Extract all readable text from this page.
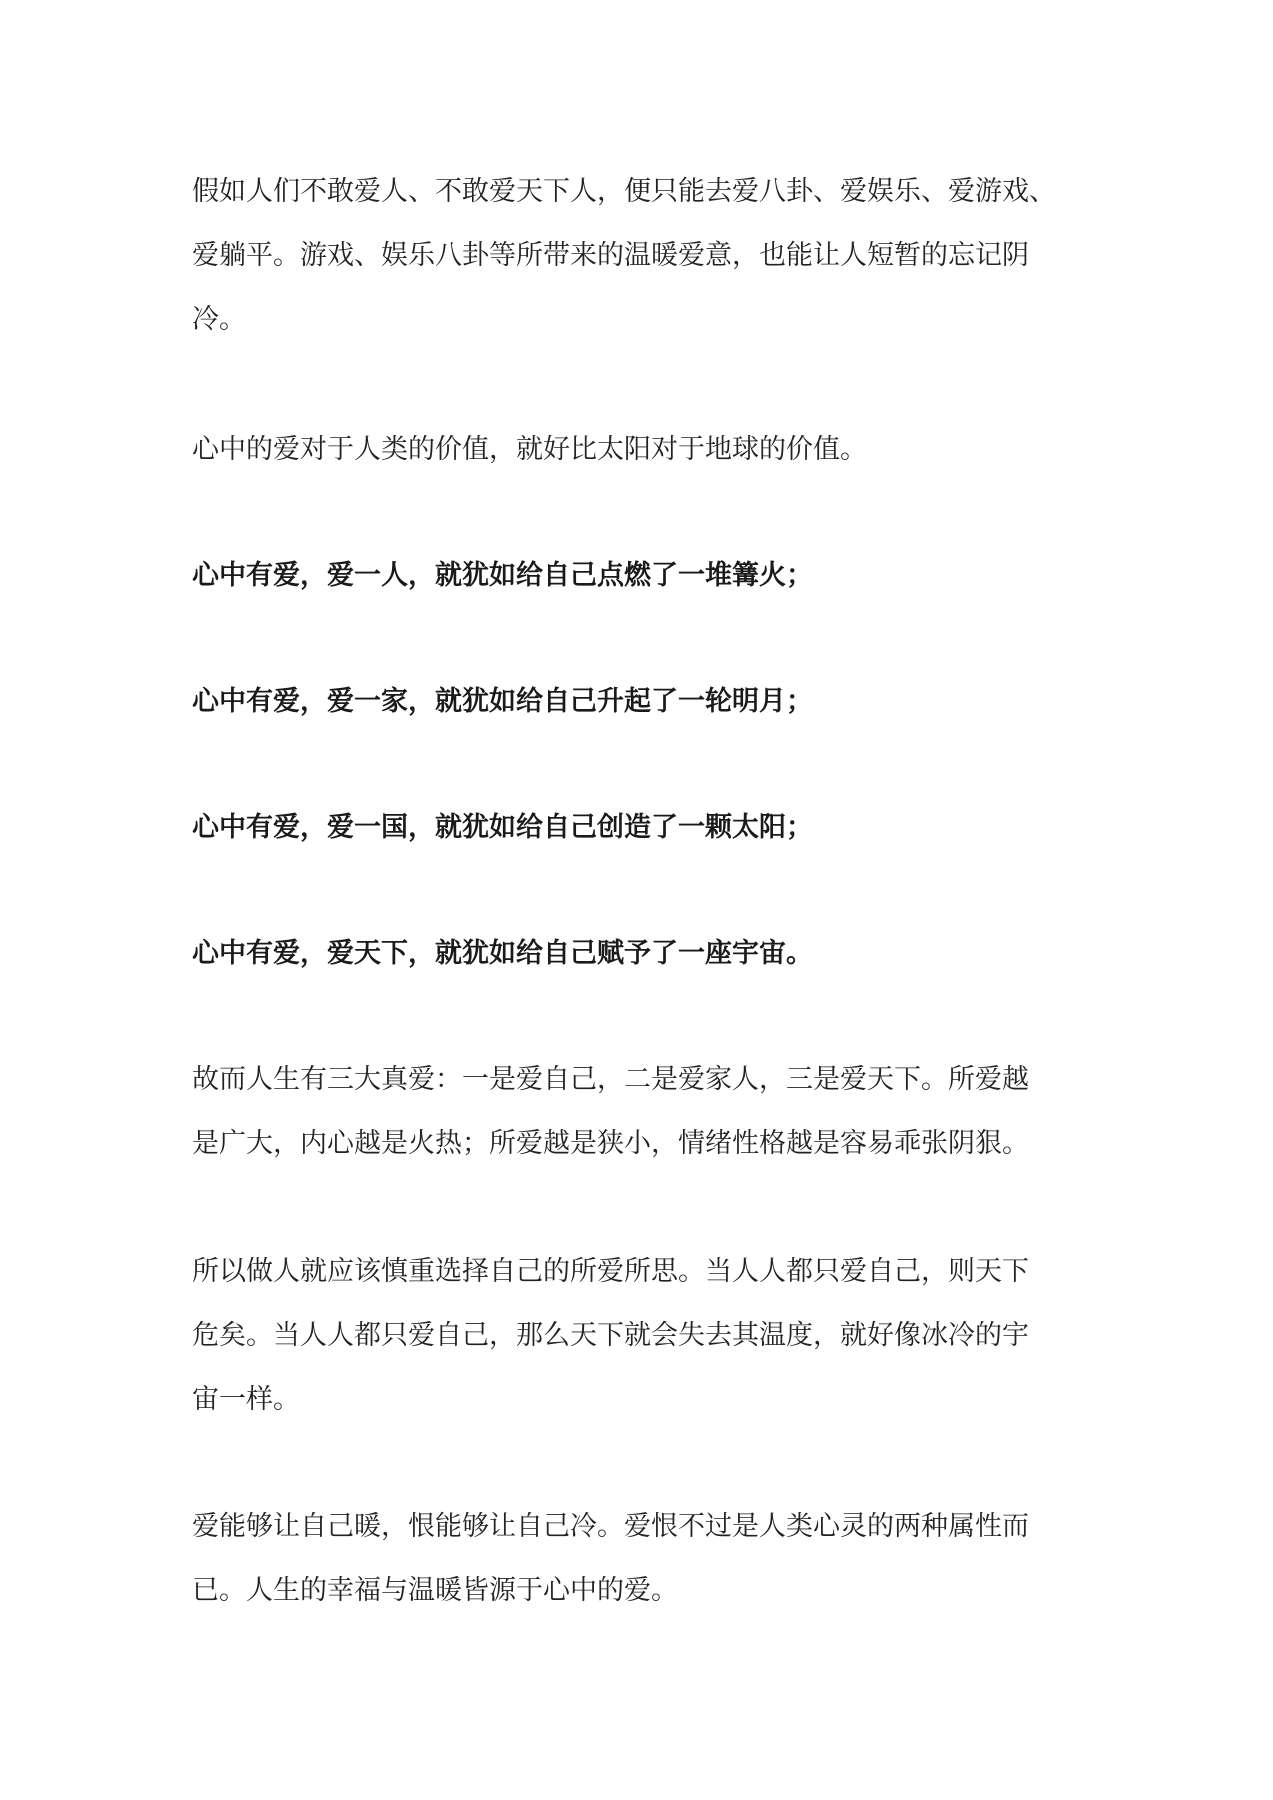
假如人们不敢爱人、不敢爱天下人，便只能去爱八卦、爱娱乐、爱游戏、
爱躺平。游戏、娱乐八卦等所带来的温暖爱意，也能让人短暂的忘记阴
冷。

心中的爱对于人类的价值，就好比太阳对于地球的价值。

心中有爱，爱一人，就犹如给自己点燃了一堆篝火；

心中有爱，爱一家，就犹如给自己升起了一轮明月；

心中有爱，爱一国，就犹如给自己创造了一颗太阳；

心中有爱，爱天下，就犹如给自己赋予了一座宇宙。

故而人生有三大真爱：一是爱自己，二是爱家人，三是爱天下。所爱越
是广大，内心越是火热；所爱越是狭小，情绪性格越是容易乖张阴狠。

所以做人就应该慎重选择自己的所爱所思。当人人都只爱自己，则天下
危矣。当人人都只爱自己，那么天下就会失去其温度，就好像冰冷的宇
宙一样。

爱能够让自己暖，恨能够让自己冷。爱恨不过是人类心灵的两种属性而
已。人生的幸福与温暖皆源于心中的爱。
